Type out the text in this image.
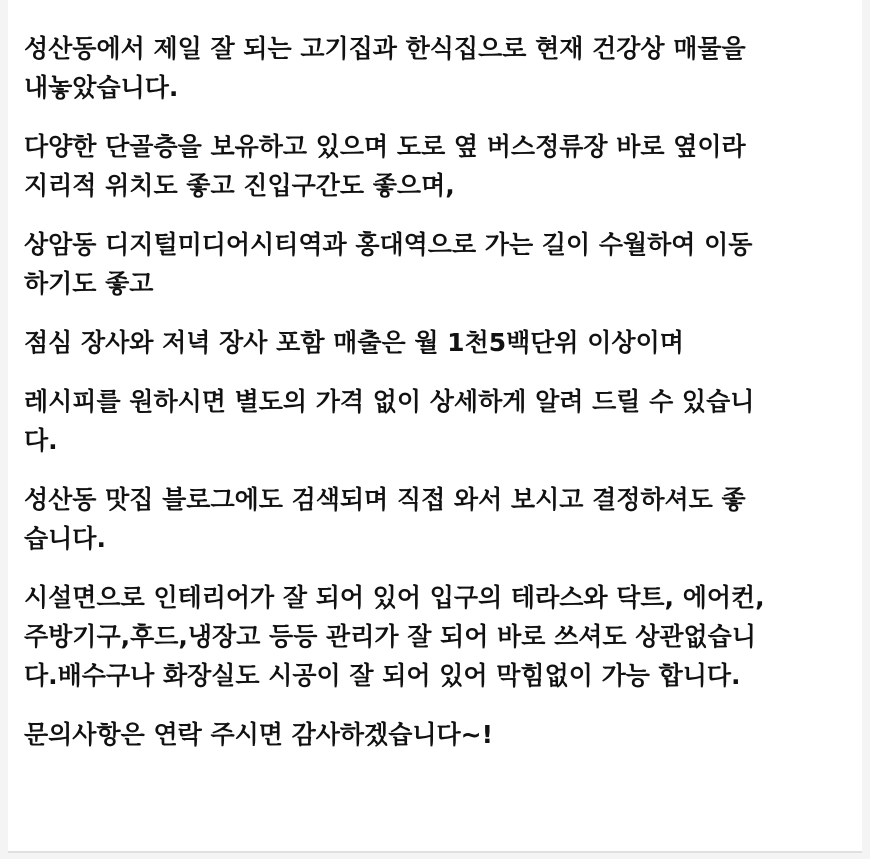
성산동에서 제일 잘 되는 고기집과 한식집으로 현재 건강상 매물을
내놓았습니다.

다양한 단골층을 보유하고 있으며 도로 옆 버스정류장 바로 옆이라
지리적 위치도 좋고 진입구간도 좋으며,

상암동 디지털미디어시티역과 홍대역으로 가는 길이 수월하여 이동
하기도 좋고

점심 장사와 저녁 장사 포함 매출은 월 1천5백단위 이상이며

레시피를 원하시면 별도의 가격 없이 상세하게 알려 드릴 수 있습니
다.

성산동 맛집 블로그에도 검색되며 직접 와서 보시고 결정하셔도 좋
습니다.

시설면으로 인테리어가 잘 되어 있어 입구의 테라스와 닥트, 에어컨,
주방기구,후드,냉장고 등등 관리가 잘 되어 바로 쓰셔도 상관없습니
다.배수구나 화장실도 시공이 잘 되어 있어 막힘없이 가능 합니다.

문의사항은 연락 주시면 감사하겠습니다~!
